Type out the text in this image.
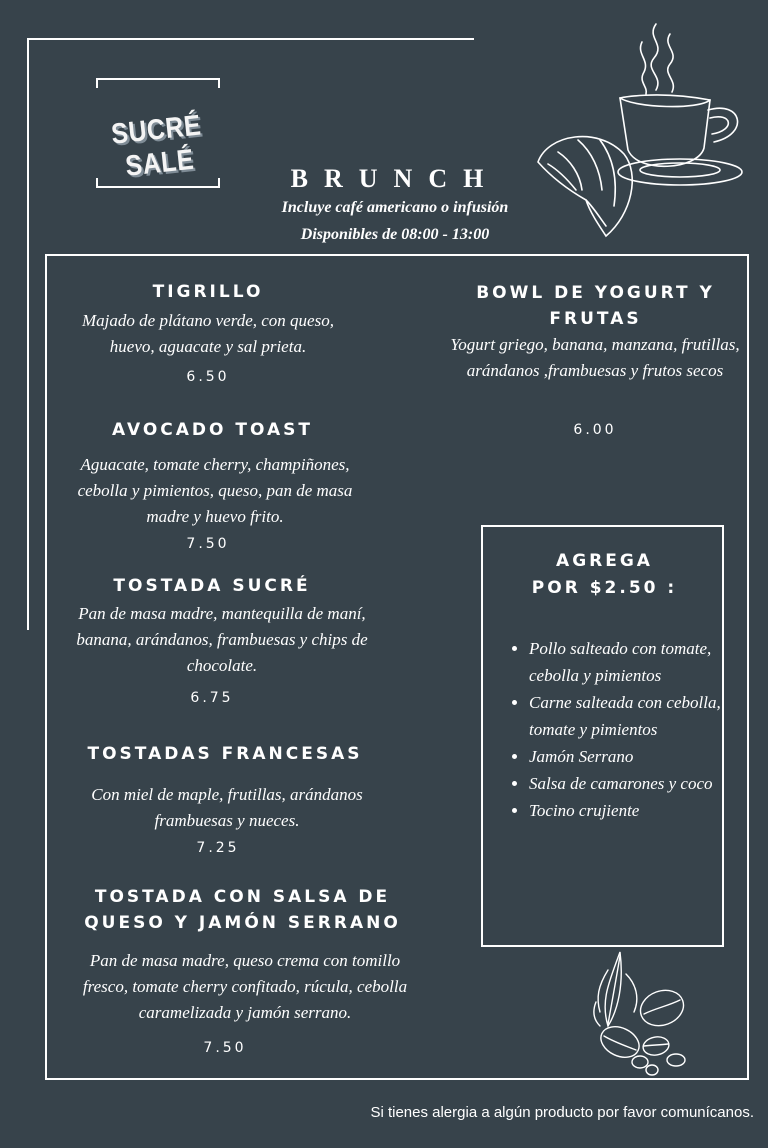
SUCRÉ SALÉ	BRUNCH
Incluye café americano o infusión
Disponibles de 08:00 - 13:00
TIGRILLO
Majado de plátano verde, con queso, huevo, aguacate y sal prieta.
6.50
AVOCADO TOAST
Aguacate, tomate cherry, champiñones, cebolla y pimientos, queso, pan de masa madre y huevo frito.
7.50
TOSTADA SUCRÉ
Pan de masa madre, mantequilla de maní, banana, arándanos, frambuesas y chips de chocolate.
6.75
TOSTADAS FRANCESAS
Con miel de maple, frutillas, arándanos frambuesas y nueces.
7.25
TOSTADA CON SALSA DE QUESO Y JAMÓN SERRANO
Pan de masa madre, queso crema con tomillo fresco, tomate cherry confitado, rúcula, cebolla caramelizada y jamón serrano.
7.50
BOWL DE YOGURT Y FRUTAS
Yogurt griego, banana, manzana, frutillas, arándanos ,frambuesas y frutos secos
6.00
AGREGA
POR $2.50 :
• Pollo salteado con tomate, cebolla y pimientos
• Carne salteada con cebolla, tomate y pimientos
• Jamón Serrano
• Salsa de camarones y coco
• Tocino crujiente
Si tienes alergia a algún producto por favor comunícanos.
